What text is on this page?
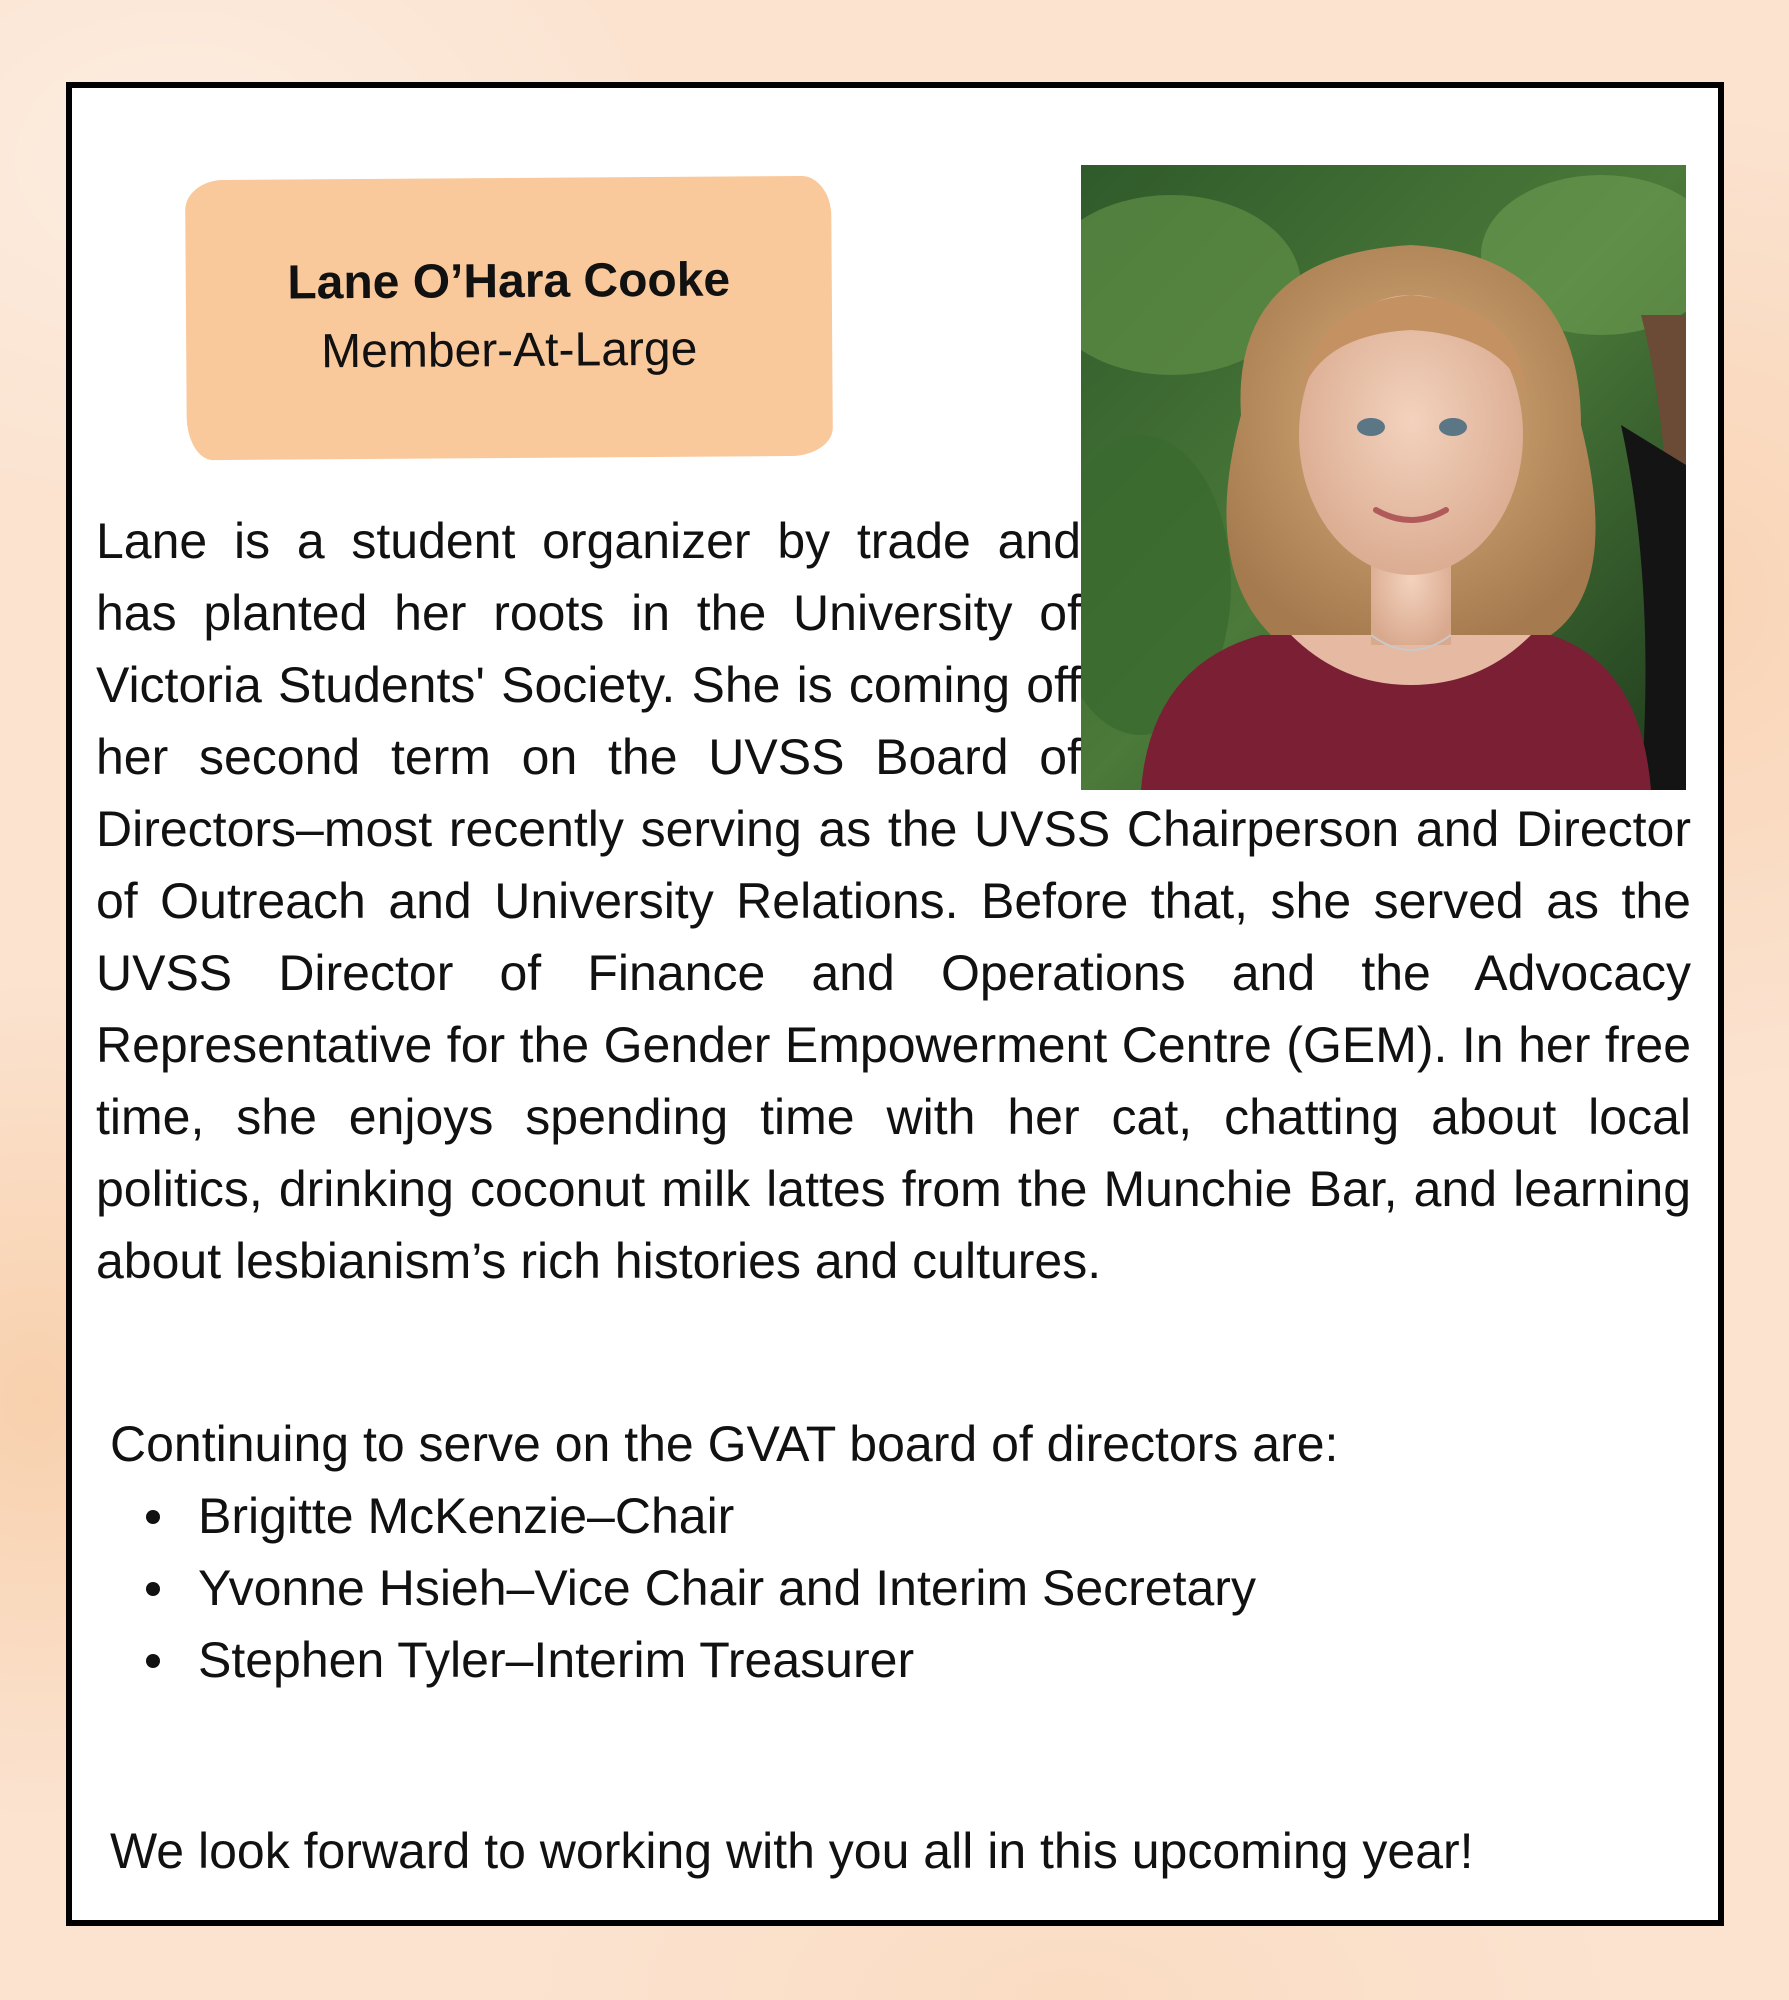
Lane O’Hara Cooke
Member-At-Large

Lane is a student organizer by trade and has planted her roots in the University of Victoria Students' Society. She is coming off her second term on the UVSS Board of Directors–most recently serving as the UVSS Chairperson and Director of Outreach and University Relations. Before that, she served as the UVSS Director of Finance and Operations and the Advocacy Representative for the Gender Empowerment Centre (GEM). In her free time, she enjoys spending time with her cat, chatting about local politics, drinking coconut milk lattes from the Munchie Bar, and learning about lesbianism’s rich histories and cultures.

Continuing to serve on the GVAT board of directors are:

Brigitte McKenzie–Chair
Yvonne Hsieh–Vice Chair and Interim Secretary
Stephen Tyler–Interim Treasurer

We look forward to working with you all in this upcoming year!
